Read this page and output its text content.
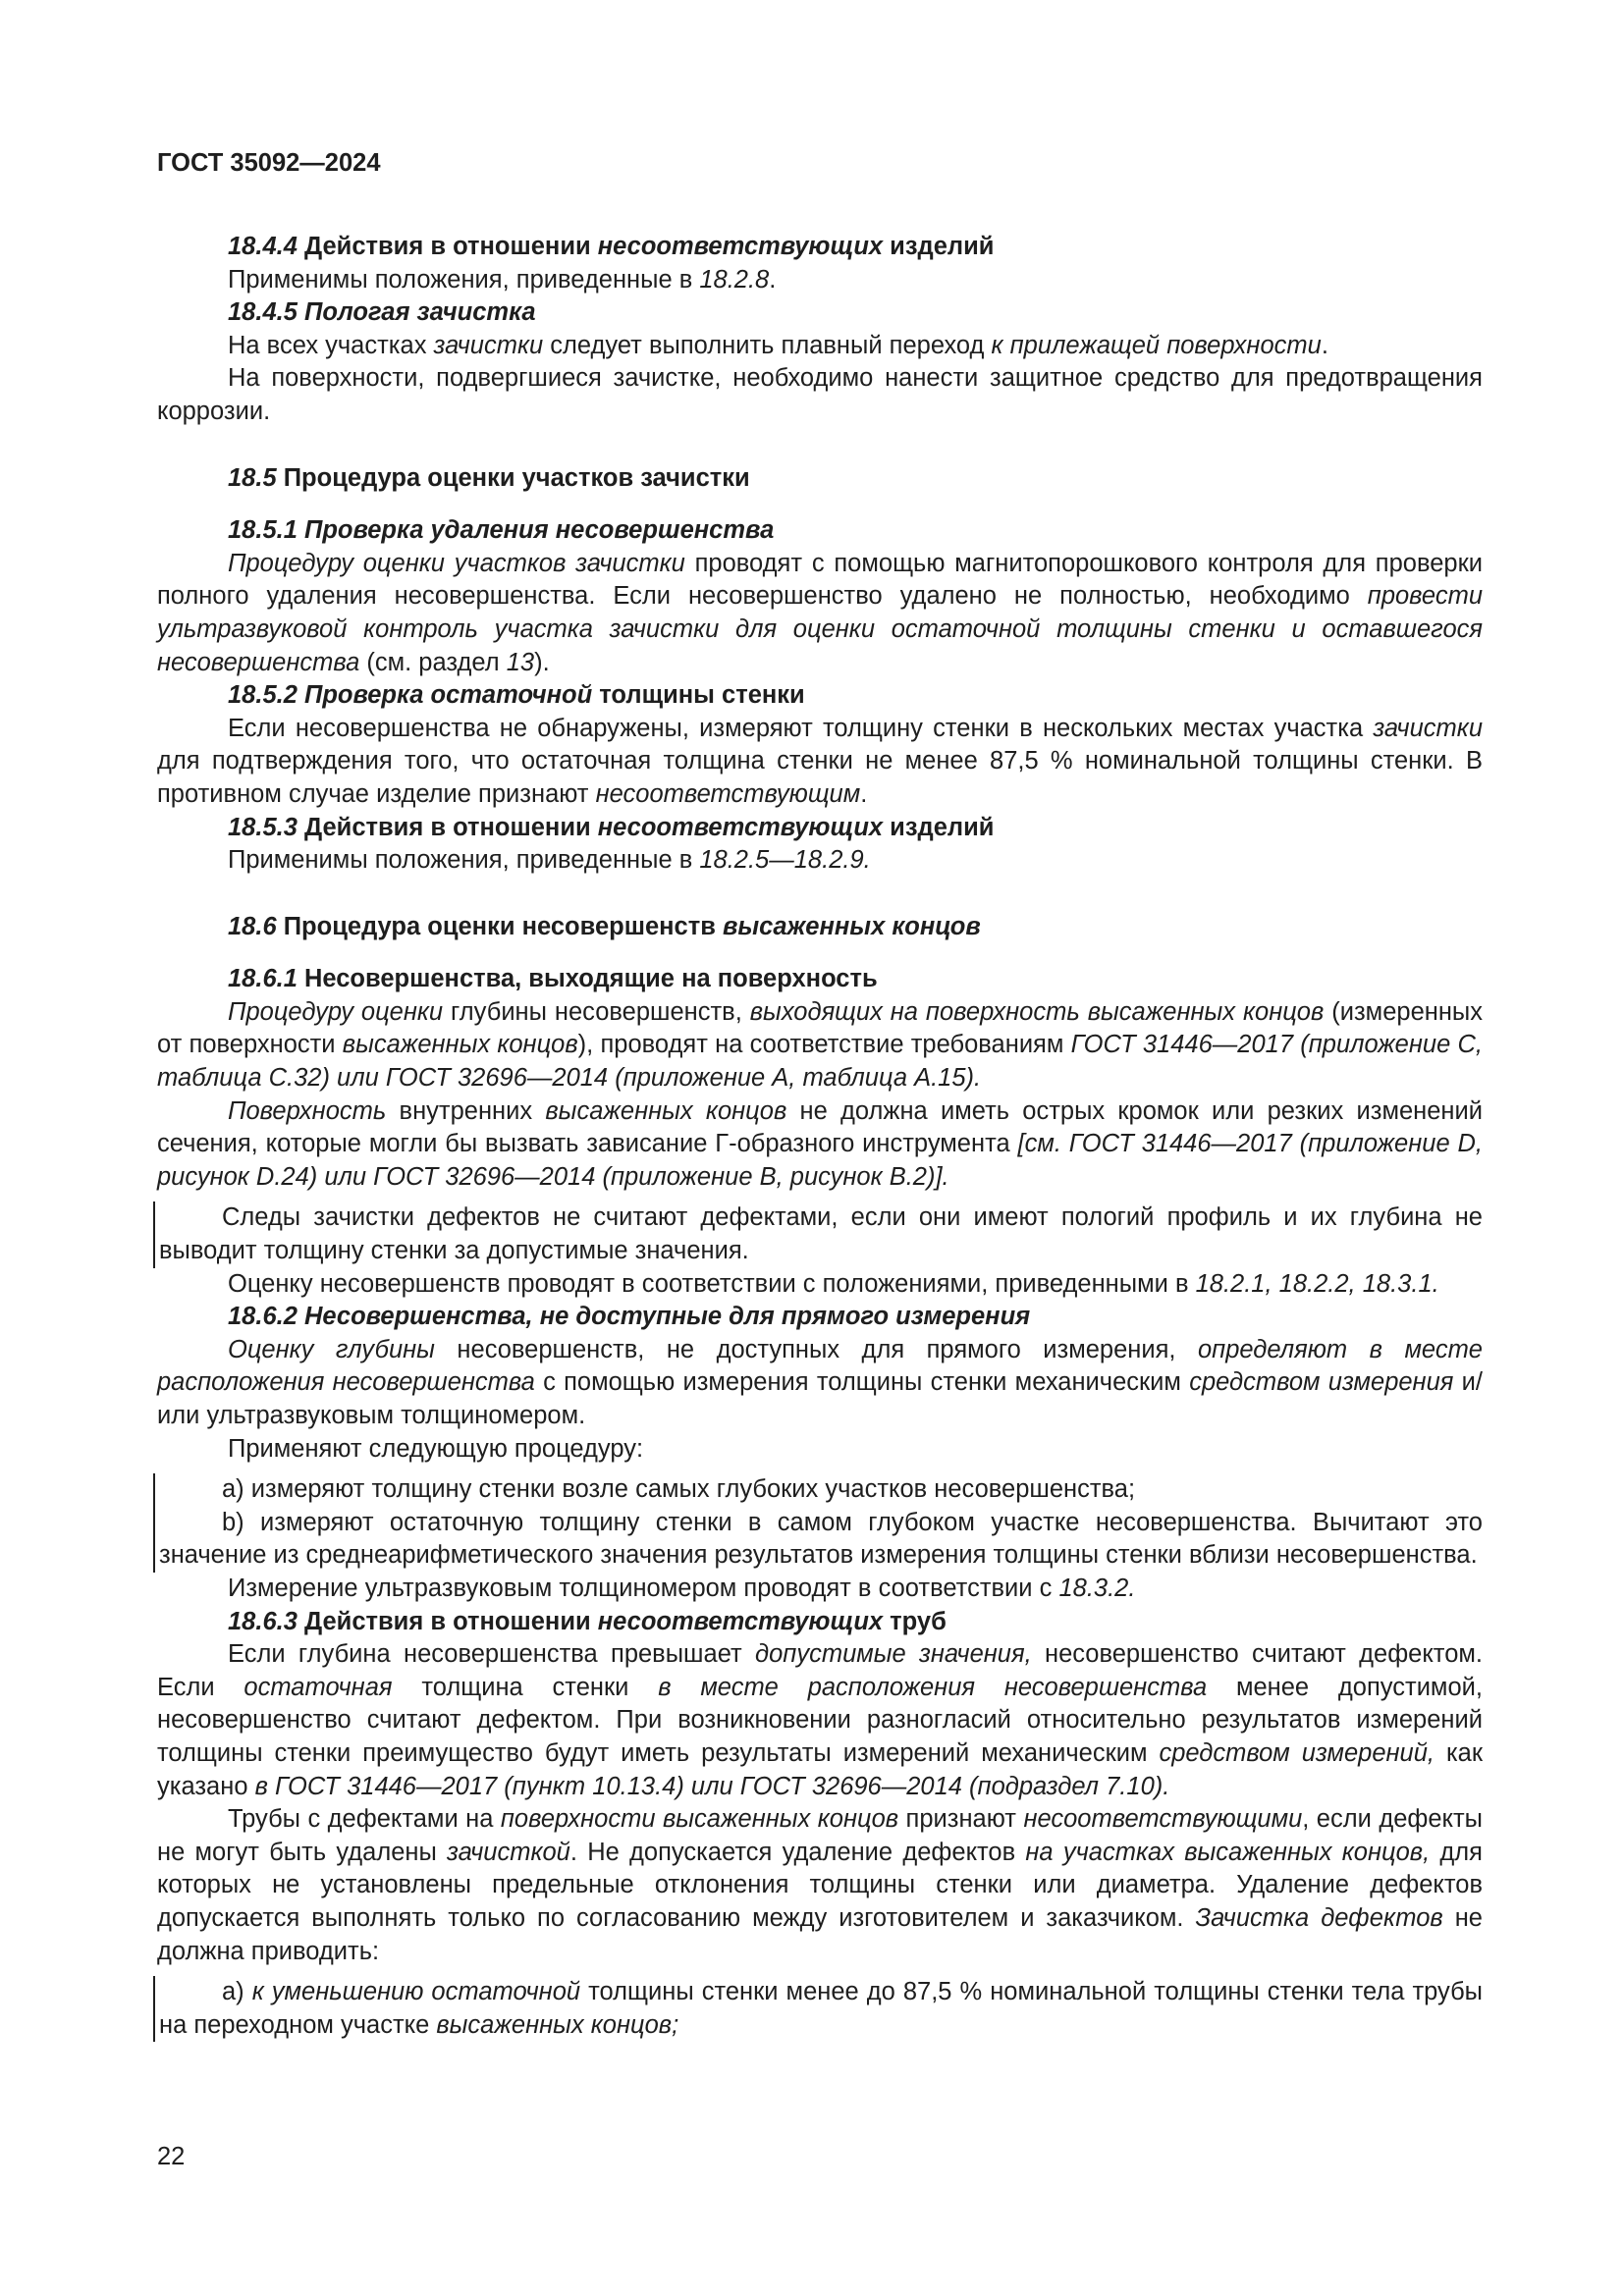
ГОСТ 35092—2024

18.4.4 Действия в отношении несоответствующих изделий

Применимы положения, приведенные в 18.2.8.

18.4.5 Пологая зачистка

На всех участках зачистки следует выполнить плавный переход к прилежащей поверхности.

На поверхности, подвергшиеся зачистке, необходимо нанести защитное средство для предотвращения коррозии.

18.5 Процедура оценки участков зачистки

18.5.1 Проверка удаления несовершенства

Процедуру оценки участков зачистки проводят с помощью магнитопорошкового контроля для проверки полного удаления несовершенства. Если несовершенство удалено не полностью, необходимо провести ультразвуковой контроль участка зачистки для оценки остаточной толщины стенки и оставшегося несовершенства (см. раздел 13).

18.5.2 Проверка остаточной толщины стенки

Если несовершенства не обнаружены, измеряют толщину стенки в нескольких местах участка зачистки для подтверждения того, что остаточная толщина стенки не менее 87,5 % номинальной толщины стенки. В противном случае изделие признают несоответствующим.

18.5.3 Действия в отношении несоответствующих изделий

Применимы положения, приведенные в 18.2.5—18.2.9.

18.6 Процедура оценки несовершенств высаженных концов

18.6.1 Несовершенства, выходящие на поверхность

Процедуру оценки глубины несовершенств, выходящих на поверхность высаженных концов (измеренных от поверхности высаженных концов), проводят на соответствие требованиям ГОСТ 31446—2017 (приложение С, таблица С.32) или ГОСТ 32696—2014 (приложение А, таблица А.15).

Поверхность внутренних высаженных концов не должна иметь острых кромок или резких изменений сечения, которые могли бы вызвать зависание Г-образного инструмента [см. ГОСТ 31446—2017 (приложение D, рисунок D.24) или ГОСТ 32696—2014 (приложение В, рисунок В.2)].

Следы зачистки дефектов не считают дефектами, если они имеют пологий профиль и их глубина не выводит толщину стенки за допустимые значения.

Оценку несовершенств проводят в соответствии с положениями, приведенными в 18.2.1, 18.2.2, 18.3.1.

18.6.2 Несовершенства, не доступные для прямого измерения

Оценку глубины несовершенств, не доступных для прямого измерения, определяют в месте расположения несовершенства с помощью измерения толщины стенки механическим средством измерения и/или ультразвуковым толщиномером.

Применяют следующую процедуру:

a) измеряют толщину стенки возле самых глубоких участков несовершенства;

b) измеряют остаточную толщину стенки в самом глубоком участке несовершенства. Вычитают это значение из среднеарифметического значения результатов измерения толщины стенки вблизи несовершенства.

Измерение ультразвуковым толщиномером проводят в соответствии с 18.3.2.

18.6.3 Действия в отношении несоответствующих труб

Если глубина несовершенства превышает допустимые значения, несовершенство считают дефектом. Если остаточная толщина стенки в месте расположения несовершенства менее допустимой, несовершенство считают дефектом. При возникновении разногласий относительно результатов измерений толщины стенки преимущество будут иметь результаты измерений механическим средством измерений, как указано в ГОСТ 31446—2017 (пункт 10.13.4) или ГОСТ 32696—2014 (подраздел 7.10).

Трубы с дефектами на поверхности высаженных концов признают несоответствующими, если дефекты не могут быть удалены зачисткой. Не допускается удаление дефектов на участках высаженных концов, для которых не установлены предельные отклонения толщины стенки или диаметра. Удаление дефектов допускается выполнять только по согласованию между изготовителем и заказчиком. Зачистка дефектов не должна приводить:

а) к уменьшению остаточной толщины стенки менее до 87,5 % номинальной толщины стенки тела трубы на переходном участке высаженных концов;

22
